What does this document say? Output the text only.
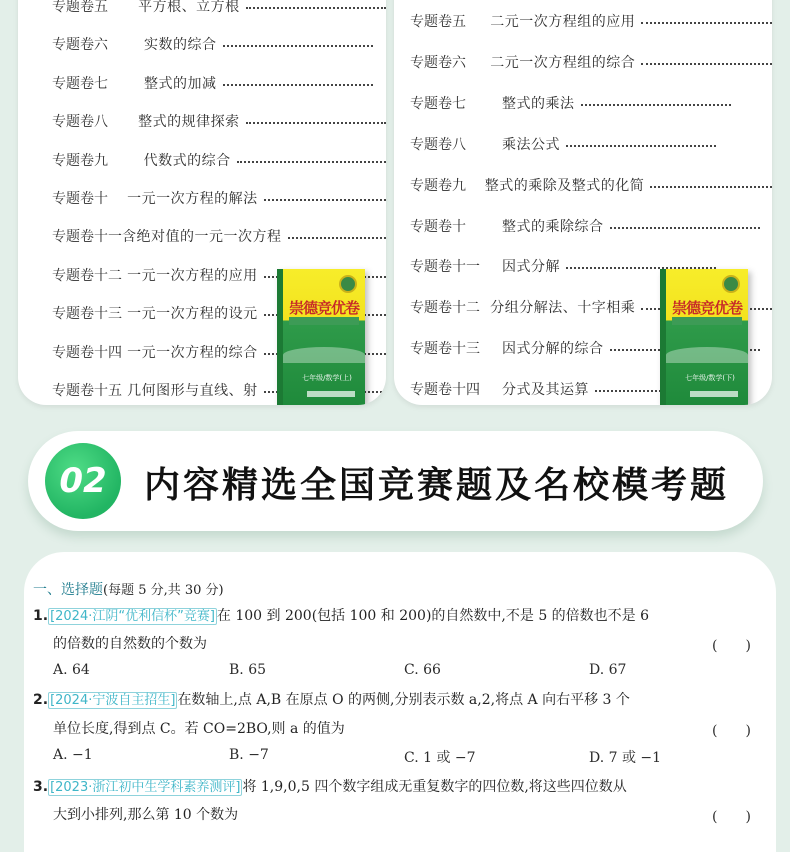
专题卷五	平方根、立方根
专题卷六	实数的综合
专题卷七	整式的加减
专题卷八	整式的规律探索
专题卷九	代数式的综合
专题卷十	一元一次方程的解法
专题卷十一 含绝对值的一元一次方程
专题卷十二 一元一次方程的应用
专题卷十三 一元一次方程的设元
专题卷十四 一元一次方程的综合
专题卷十五 几何图形与直线、射
崇德竞优卷
七年级/数学(上)
专题卷五	二元一次方程组的应用
专题卷六	二元一次方程组的综合
专题卷七	整式的乘法
专题卷八	乘法公式
专题卷九	整式的乘除及整式的化简
专题卷十	整式的乘除综合
专题卷十一	因式分解
专题卷十二 分组分解法、十字相乘
专题卷十三	因式分解的综合
专题卷十四	分式及其运算
崇德竞优卷
七年级/数学(下)
02	内容精选全国竞赛题及名校模考题
一、选择题(每题 5 分,共 30 分)
1. [2024·江阴“优利信杯”竞赛] 在 100 到 200(包括 100 和 200)的自然数中,不是 5 的倍数也不是 6
的倍数的自然数的个数为	(　　)
A. 64	B. 65	C. 66	D. 67
2. [2024·宁波自主招生] 在数轴上,点 A,B 在原点 O 的两侧,分别表示数 a,2,将点 A 向右平移 3 个
单位长度,得到点 C。若 CO=2BO,则 a 的值为	(　　)
A. −1	B. −7	C. 1 或 −7	D. 7 或 −1
3. [2023·浙江初中生学科素养测评] 将 1,9,0,5 四个数字组成无重复数字的四位数,将这些四位数从
大到小排列,那么第 10 个数为	(　　)
